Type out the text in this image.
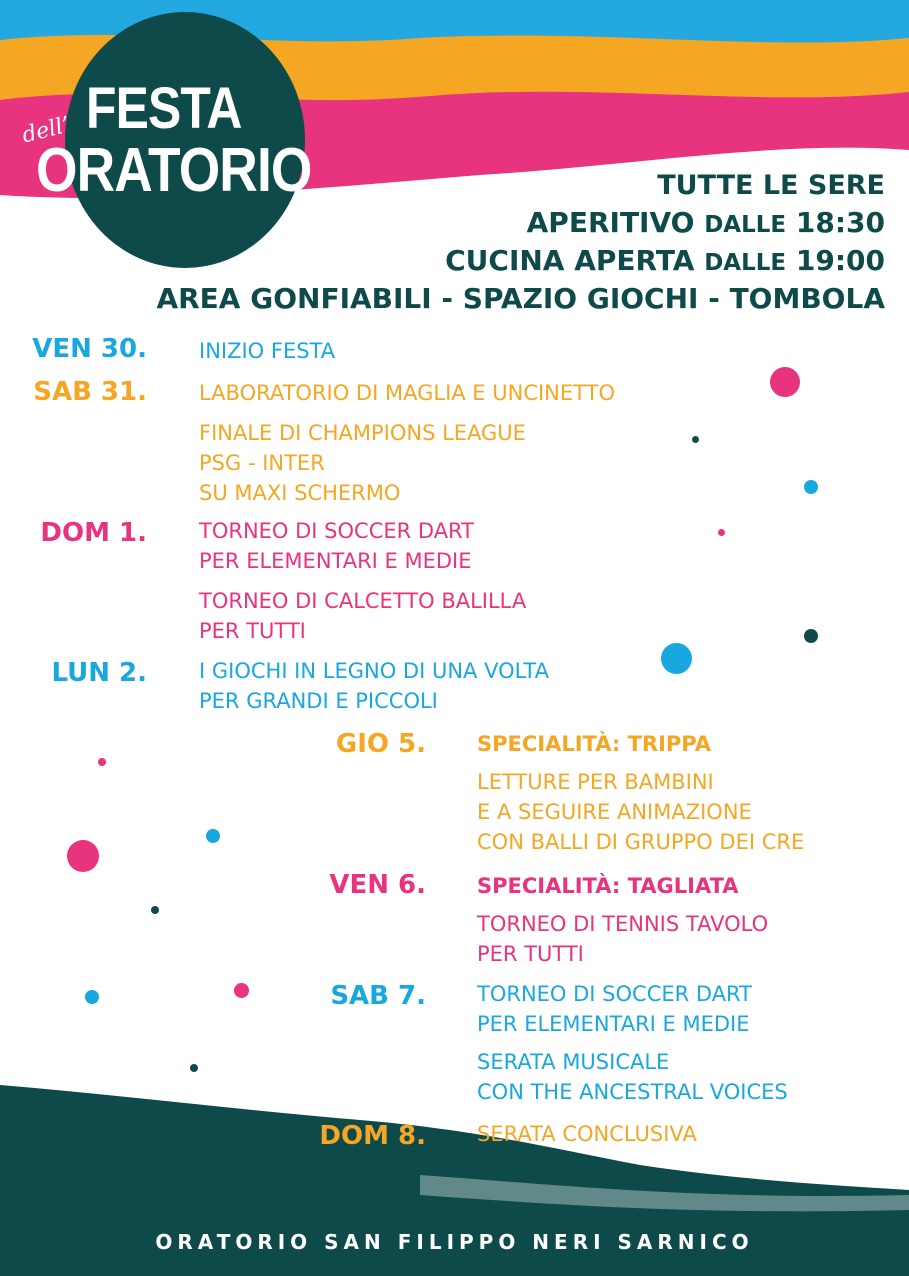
dell’ FESTA
ORATORIO	TUTTE LE SERE
APERITIVO DALLE 18:30
CUCINA APERTA DALLE 19:00
AREA GONFIABILI - SPAZIO GIOCHI - TOMBOLA
VEN 30. INIZIO FESTA
SAB 31. LABORATORIO DI MAGLIA E UNCINETTO
FINALE DI CHAMPIONS LEAGUE
PSG - INTER
SU MAXI SCHERMO
DOM 1. TORNEO DI SOCCER DART
PER ELEMENTARI E MEDIE
TORNEO DI CALCETTO BALILLA
PER TUTTI
LUN 2. I GIOCHI IN LEGNO DI UNA VOLTA
PER GRANDI E PICCOLI
GIO 5. SPECIALITÀ: TRIPPA
LETTURE PER BAMBINI
E A SEGUIRE ANIMAZIONE
CON BALLI DI GRUPPO DEI CRE
VEN 6. SPECIALITÀ: TAGLIATA
TORNEO DI TENNIS TAVOLO
PER TUTTI
SAB 7. TORNEO DI SOCCER DART
PER ELEMENTARI E MEDIE
SERATA MUSICALE
CON THE ANCESTRAL VOICES
DOM 8. SERATA CONCLUSIVA
ORATORIO SAN FILIPPO NERI SARNICO
